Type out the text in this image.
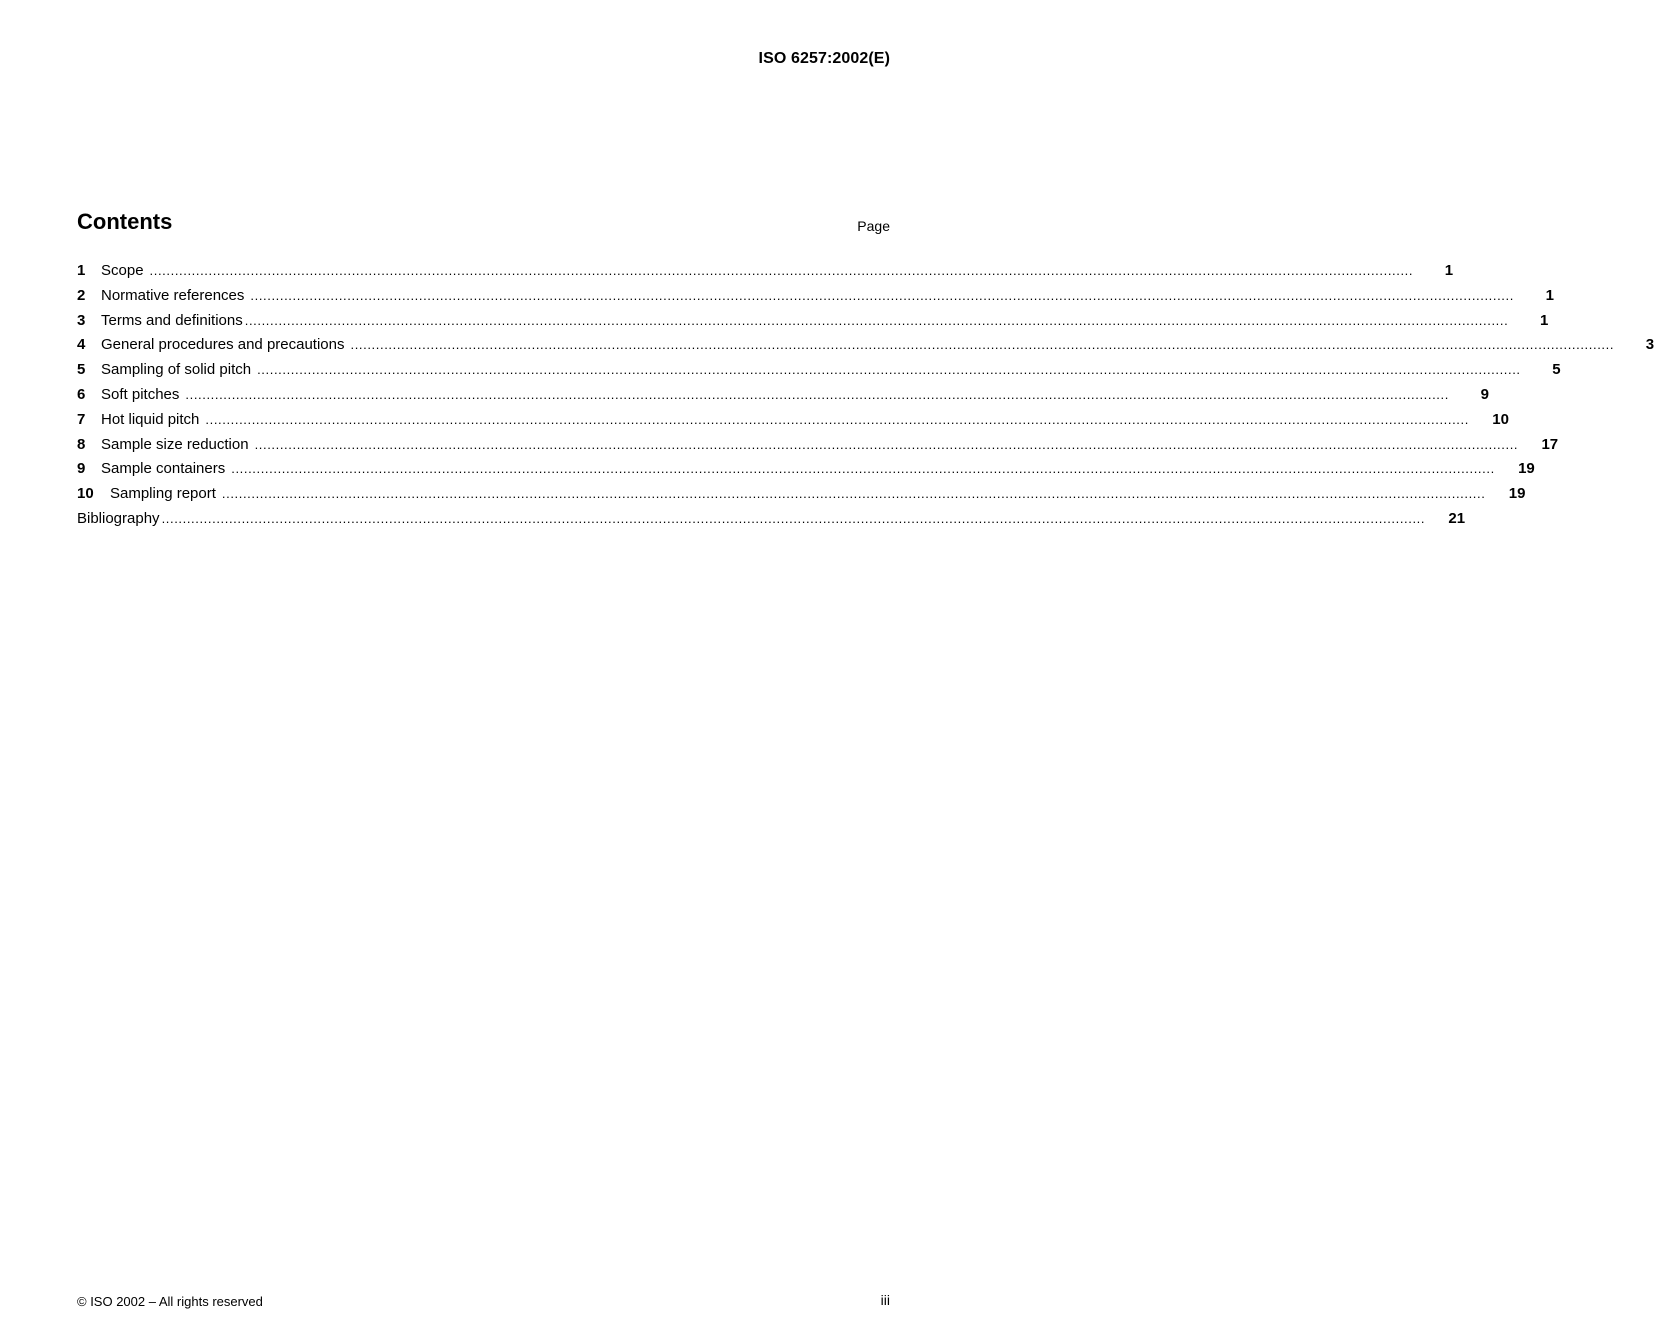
ISO 6257:2002(E)
Contents	Page
1	Scope ............................................................................................................................................................................................................................................................................................................	1
2	Normative references ............................................................................................................................................................................................................................................................................................................	1
3	Terms and definitions ............................................................................................................................................................................................................................................................................................................	1
4	General procedures and precautions ............................................................................................................................................................................................................................................................................................................	3
5	Sampling of solid pitch ............................................................................................................................................................................................................................................................................................................	5
6	Soft pitches ............................................................................................................................................................................................................................................................................................................	9
7	Hot liquid pitch ............................................................................................................................................................................................................................................................................................................	10
8	Sample size reduction ............................................................................................................................................................................................................................................................................................................	17
9	Sample containers ............................................................................................................................................................................................................................................................................................................	19
10	Sampling report ............................................................................................................................................................................................................................................................................................................	19
Bibliography ............................................................................................................................................................................................................................................................................................................	21
© ISO 2002 – All rights reserved	iii
